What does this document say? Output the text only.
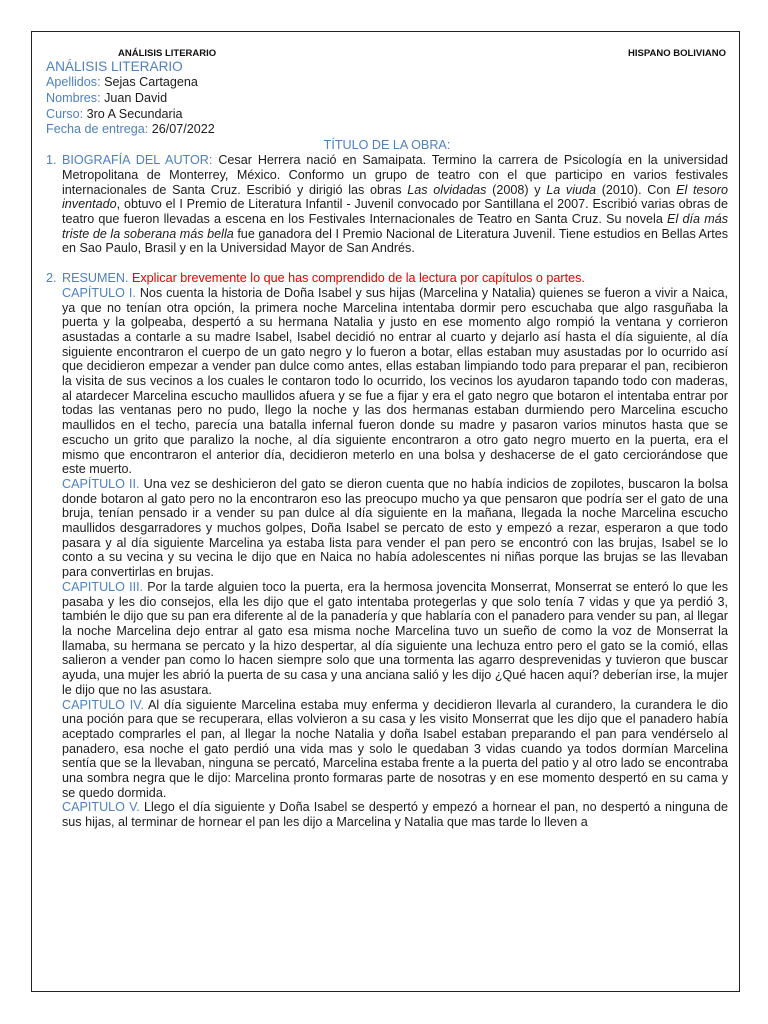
ANÁLISIS LITERARIO	HISPANO BOLIVIANO
ANÁLISIS LITERARIO
Apellidos: Sejas Cartagena
Nombres: Juan David
Curso: 3ro A Secundaria
Fecha de entrega: 26/07/2022
TÍTULO DE LA OBRA:
1. BIOGRAFÍA DEL AUTOR: Cesar Herrera nació en Samaipata. Termino la carrera de Psicología en la universidad Metropolitana de Monterrey, México. Conformo un grupo de teatro con el que participo en varios festivales internacionales de Santa Cruz. Escribió y dirigió las obras Las olvidadas (2008) y La viuda (2010). Con El tesoro inventado, obtuvo el I Premio de Literatura Infantil - Juvenil convocado por Santillana el 2007. Escribió varias obras de teatro que fueron llevadas a escena en los Festivales Internacionales de Teatro en Santa Cruz. Su novela El día más triste de la soberana más bella fue ganadora del I Premio Nacional de Literatura Juvenil. Tiene estudios en Bellas Artes en Sao Paulo, Brasil y en la Universidad Mayor de San Andrés.
2. RESUMEN. Explicar brevemente lo que has comprendido de la lectura por capítulos o partes.
CAPÍTULO I. Nos cuenta la historia de Doña Isabel y sus hijas (Marcelina y Natalia) quienes se fueron a vivir a Naica, ya que no tenían otra opción, la primera noche Marcelina intentaba dormir pero escuchaba que algo rasguñaba la puerta y la golpeaba, despertó a su hermana Natalia y justo en ese momento algo rompió la ventana y corrieron asustadas a contarle a su madre Isabel, Isabel decidió no entrar al cuarto y dejarlo así hasta el día siguiente, al día siguiente encontraron el cuerpo de un gato negro y lo fueron a botar, ellas estaban muy asustadas por lo ocurrido así que decidieron empezar a vender pan dulce como antes, ellas estaban limpiando todo para preparar el pan, recibieron la visita de sus vecinos a los cuales le contaron todo lo ocurrido, los vecinos los ayudaron tapando todo con maderas, al atardecer Marcelina escucho maullidos afuera y se fue a fijar y era el gato negro que botaron el intentaba entrar por todas las ventanas pero no pudo, llego la noche y las dos hermanas estaban durmiendo pero Marcelina escucho maullidos en el techo, parecía una batalla infernal fueron donde su madre y pasaron varios minutos hasta que se escucho un grito que paralizo la noche, al día siguiente encontraron a otro gato negro muerto en la puerta, era el mismo que encontraron el anterior día, decidieron meterlo en una bolsa y deshacerse de el gato cerciorándose que este muerto.
CAPÍTULO II. Una vez se deshicieron del gato se dieron cuenta que no había indicios de zopilotes, buscaron la bolsa donde botaron al gato pero no la encontraron eso las preocupo mucho ya que pensaron que podría ser el gato de una bruja, tenían pensado ir a vender su pan dulce al día siguiente en la mañana, llegada la noche Marcelina escucho maullidos desgarradores y muchos golpes, Doña Isabel se percato de esto y empezó a rezar, esperaron a que todo pasara y al día siguiente Marcelina ya estaba lista para vender el pan pero se encontró con las brujas, Isabel se lo conto a su vecina y su vecina le dijo que en Naica no había adolescentes ni niñas porque las brujas se las llevaban para convertirlas en brujas.
CAPITULO III. Por la tarde alguien toco la puerta, era la hermosa jovencita Monserrat, Monserrat se enteró lo que les pasaba y les dio consejos, ella les dijo que el gato intentaba protegerlas y que solo tenía 7 vidas y que ya perdió 3, también le dijo que su pan era diferente al de la panadería y que hablaría con el panadero para vender su pan, al llegar la noche Marcelina dejo entrar al gato esa misma noche Marcelina tuvo un sueño de como la voz de Monserrat la llamaba, su hermana se percato y la hizo despertar, al día siguiente una lechuza entro pero el gato se la comió, ellas salieron a vender pan como lo hacen siempre solo que una tormenta las agarro desprevenidas y tuvieron que buscar ayuda, una mujer les abrió la puerta de su casa y una anciana salió y les dijo ¿Qué hacen aquí? deberían irse, la mujer le dijo que no las asustara.
CAPITULO IV. Al día siguiente Marcelina estaba muy enferma y decidieron llevarla al curandero, la curandera le dio una poción para que se recuperara, ellas volvieron a su casa y les visito Monserrat que les dijo que el panadero había aceptado comprarles el pan, al llegar la noche Natalia y doña Isabel estaban preparando el pan para vendérselo al panadero, esa noche el gato perdió una vida mas y solo le quedaban 3 vidas cuando ya todos dormían Marcelina sentía que se la llevaban, ninguna se percató, Marcelina estaba frente a la puerta del patio y al otro lado se encontraba una sombra negra que le dijo: Marcelina pronto formaras parte de nosotras y en ese momento despertó en su cama y se quedo dormida.
CAPITULO V. Llego el día siguiente y Doña Isabel se despertó y empezó a hornear el pan, no despertó a ninguna de sus hijas, al terminar de hornear el pan les dijo a Marcelina y Natalia que mas tarde lo lleven a
